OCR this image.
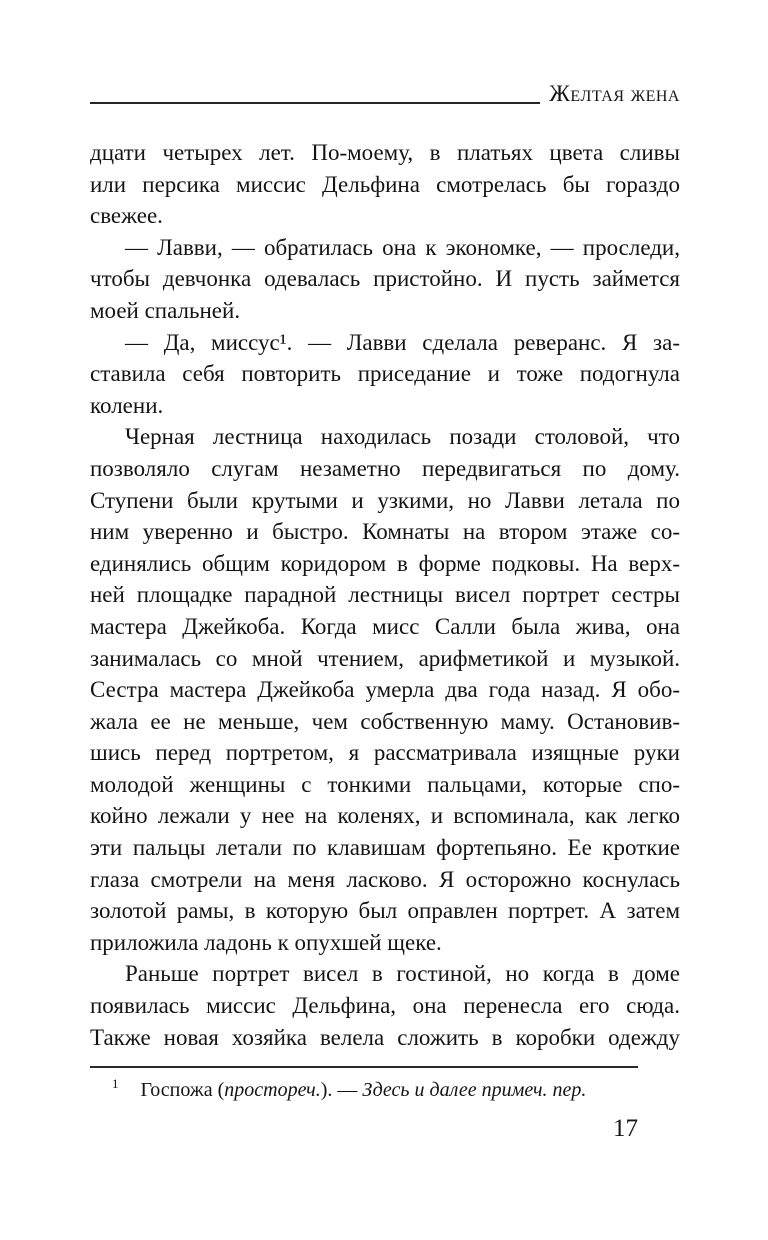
Желтая жена
дцати четырех лет. По-моему, в платьях цвета сливы
или персика миссис Дельфина смотрелась бы гораздо
свежее.
— Лавви, — обратилась она к экономке, — проследи,
чтобы девчонка одевалась пристойно. И пусть займется
моей спальней.
— Да, миссус¹. — Лавви сделала реверанс. Я за-
ставила себя повторить приседание и тоже подогнула
колени.
Черная лестница находилась позади столовой, что
позволяло слугам незаметно передвигаться по дому.
Ступени были крутыми и узкими, но Лавви летала по
ним уверенно и быстро. Комнаты на втором этаже со-
единялись общим коридором в форме подковы. На верх-
ней площадке парадной лестницы висел портрет сестры
мастера Джейкоба. Когда мисс Салли была жива, она
занималась со мной чтением, арифметикой и музыкой.
Сестра мастера Джейкоба умерла два года назад. Я обо-
жала ее не меньше, чем собственную маму. Остановив-
шись перед портретом, я рассматривала изящные руки
молодой женщины с тонкими пальцами, которые спо-
койно лежали у нее на коленях, и вспоминала, как легко
эти пальцы летали по клавишам фортепьяно. Ее кроткие
глаза смотрели на меня ласково. Я осторожно коснулась
золотой рамы, в которую был оправлен портрет. А затем
приложила ладонь к опухшей щеке.
Раньше портрет висел в гостиной, но когда в доме
появилась миссис Дельфина, она перенесла его сюда.
Также новая хозяйка велела сложить в коробки одежду
$^1$ Госпожа (простореч.). — Здесь и далее примеч. пер.
17
